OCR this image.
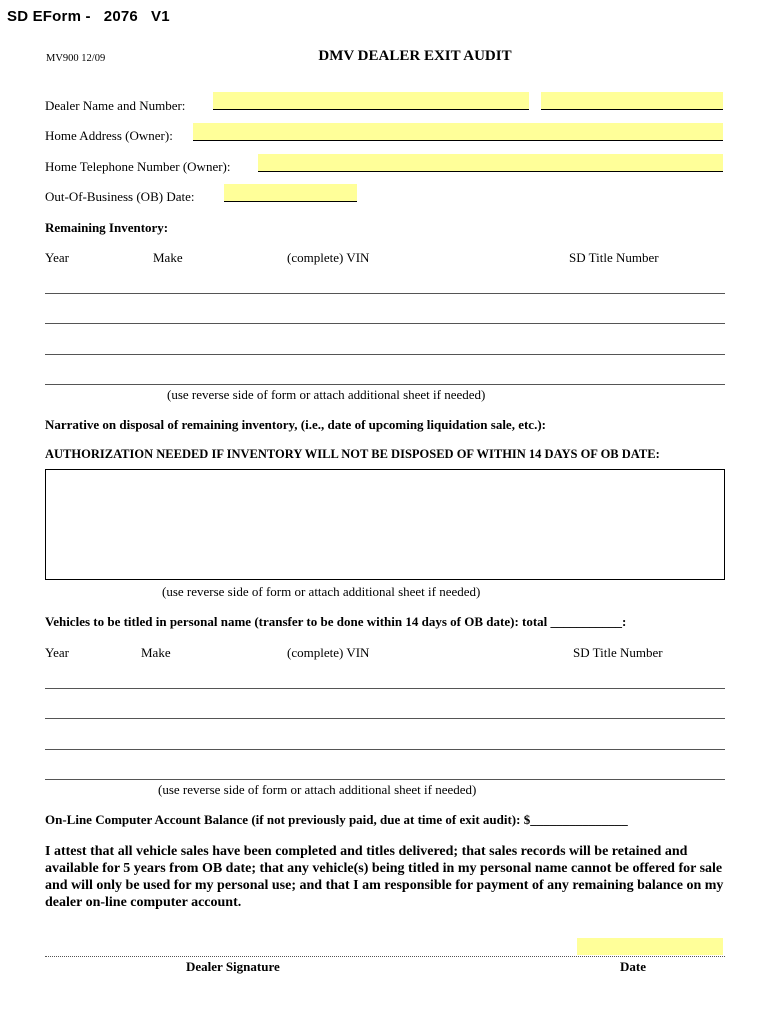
SD EForm -   2076   V1
MV900 12/09	DMV DEALER EXIT AUDIT
Dealer Name and Number:
Home Address (Owner):
Home Telephone Number (Owner):
Out-Of-Business (OB) Date:
Remaining Inventory:
Year	Make	(complete) VIN	SD Title Number
(use reverse side of form or attach additional sheet if needed)
Narrative on disposal of remaining inventory, (i.e., date of upcoming liquidation sale, etc.):
AUTHORIZATION NEEDED IF INVENTORY WILL NOT BE DISPOSED OF WITHIN 14 DAYS OF OB DATE:
(use reverse side of form or attach additional sheet if needed)
Vehicles to be titled in personal name (transfer to be done within 14 days of OB date): total ___________:
Year	Make	(complete) VIN	SD Title Number
(use reverse side of form or attach additional sheet if needed)
On-Line Computer Account Balance (if not previously paid, due at time of exit audit): $_______________
I attest that all vehicle sales have been completed and titles delivered; that sales records will be retained and available for 5 years from OB date; that any vehicle(s) being titled in my personal name cannot be offered for sale and will only be used for my personal use; and that I am responsible for payment of any remaining balance on my dealer on-line computer account.
Dealer Signature	Date
